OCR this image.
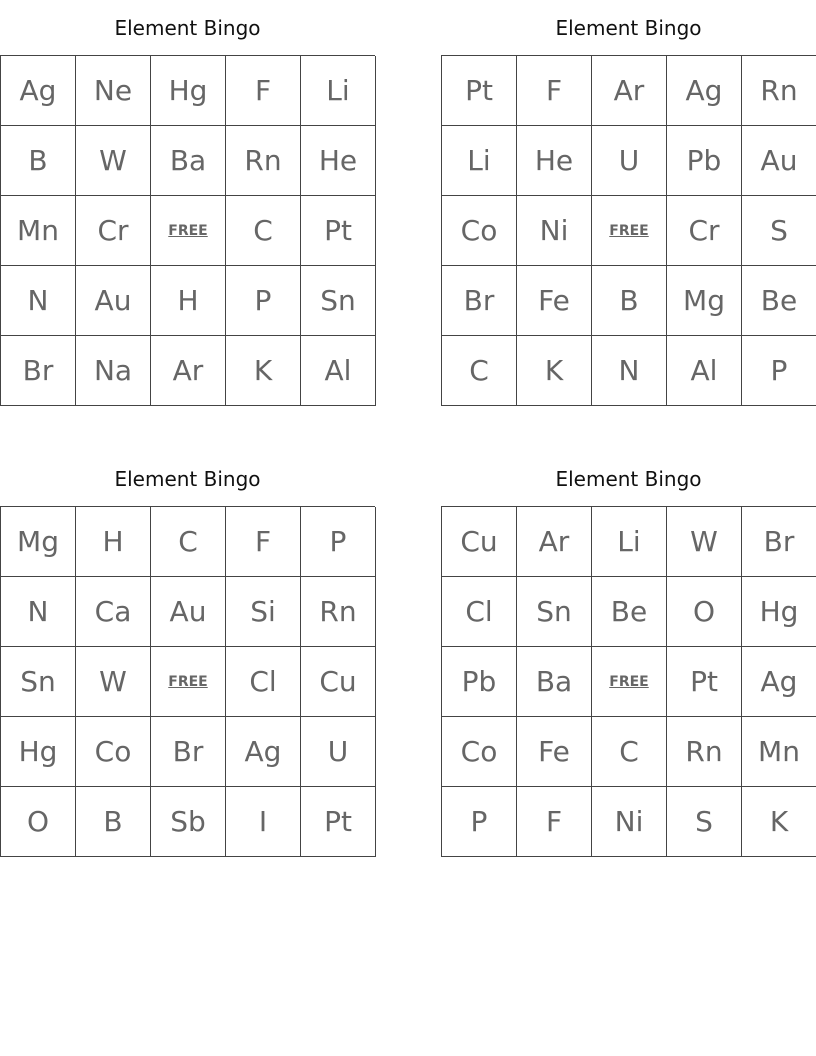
Element Bingo
Ag	Ne	Hg	F	Li
B	W	Ba	Rn	He
Mn	Cr	FREE	C	Pt
N	Au	H	P	Sn
Br	Na	Ar	K	Al
Element Bingo
Pt	F	Ar	Ag	Rn
Li	He	U	Pb	Au
Co	Ni	FREE	Cr	S
Br	Fe	B	Mg	Be
C	K	N	Al	P
Element Bingo
Mg	H	C	F	P
N	Ca	Au	Si	Rn
Sn	W	FREE	Cl	Cu
Hg	Co	Br	Ag	U
O	B	Sb	I	Pt
Element Bingo
Cu	Ar	Li	W	Br
Cl	Sn	Be	O	Hg
Pb	Ba	FREE	Pt	Ag
Co	Fe	C	Rn	Mn
P	F	Ni	S	K
